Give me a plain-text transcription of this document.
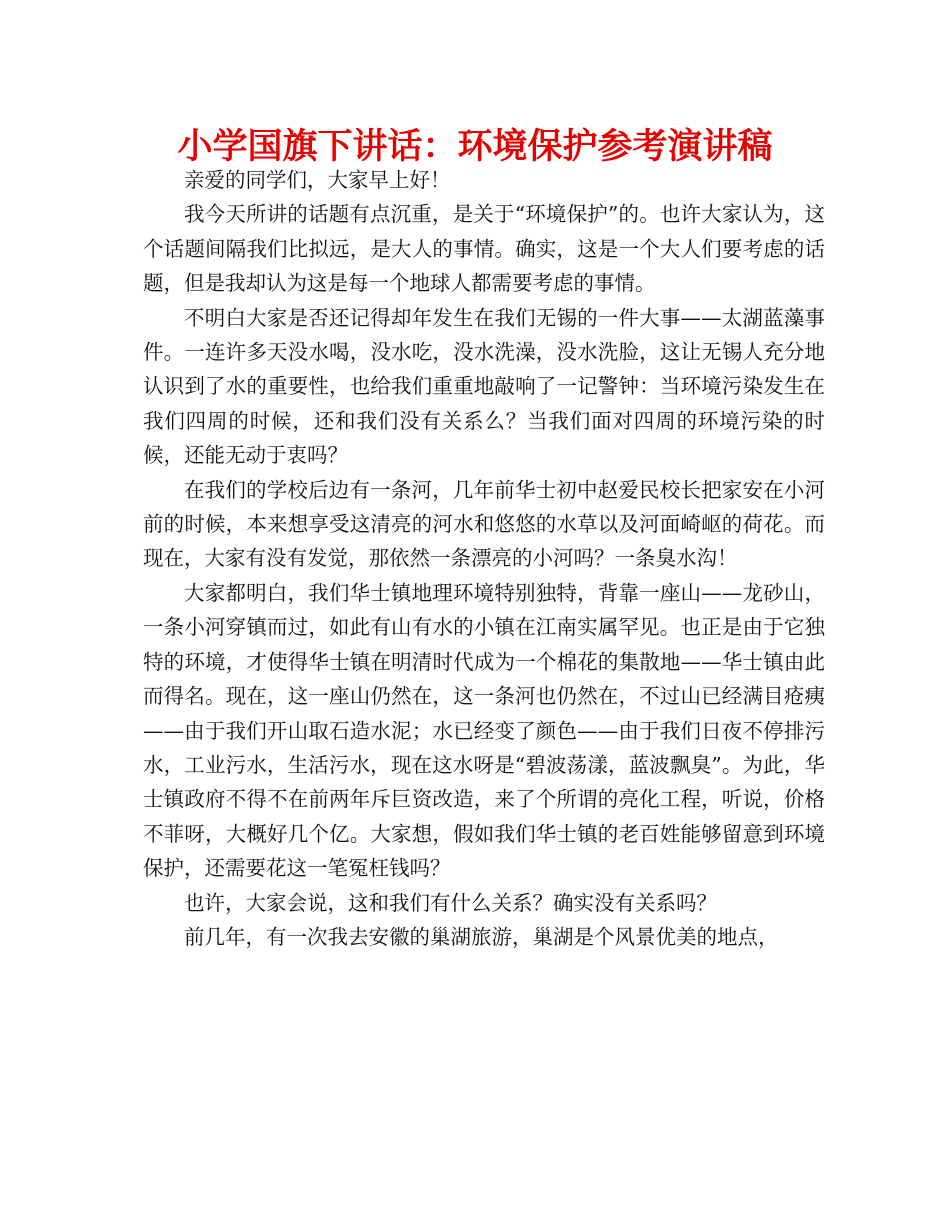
小学国旗下讲话：环境保护参考演讲稿

亲爱的同学们，大家早上好！

我今天所讲的话题有点沉重，是关于“环境保护”的。也许大家认为，这个话题间隔我们比拟远，是大人的事情。确实，这是一个大人们要考虑的话题，但是我却认为这是每一个地球人都需要考虑的事情。

不明白大家是否还记得却年发生在我们无锡的一件大事——太湖蓝藻事件。一连许多天没水喝，没水吃，没水洗澡，没水洗脸，这让无锡人充分地认识到了水的重要性，也给我们重重地敲响了一记警钟：当环境污染发生在我们四周的时候，还和我们没有关系么？当我们面对四周的环境污染的时候，还能无动于衷吗？

在我们的学校后边有一条河，几年前华士初中赵爱民校长把家安在小河前的时候，本来想享受这清亮的河水和悠悠的水草以及河面崎岖的荷花。而现在，大家有没有发觉，那依然一条漂亮的小河吗？一条臭水沟！

大家都明白，我们华士镇地理环境特别独特，背靠一座山——龙砂山，一条小河穿镇而过，如此有山有水的小镇在江南实属罕见。也正是由于它独特的环境，才使得华士镇在明清时代成为一个棉花的集散地——华士镇由此而得名。现在，这一座山仍然在，这一条河也仍然在，不过山已经满目疮痍——由于我们开山取石造水泥；水已经变了颜色——由于我们日夜不停排污水，工业污水，生活污水，现在这水呀是“碧波荡漾，蓝波飘臭”。为此，华士镇政府不得不在前两年斥巨资改造，来了个所谓的亮化工程，听说，价格不菲呀，大概好几个亿。大家想，假如我们华士镇的老百姓能够留意到环境保护，还需要花这一笔冤枉钱吗？

也许，大家会说，这和我们有什么关系？确实没有关系吗？

前几年，有一次我去安徽的巢湖旅游，巢湖是个风景优美的地点，
